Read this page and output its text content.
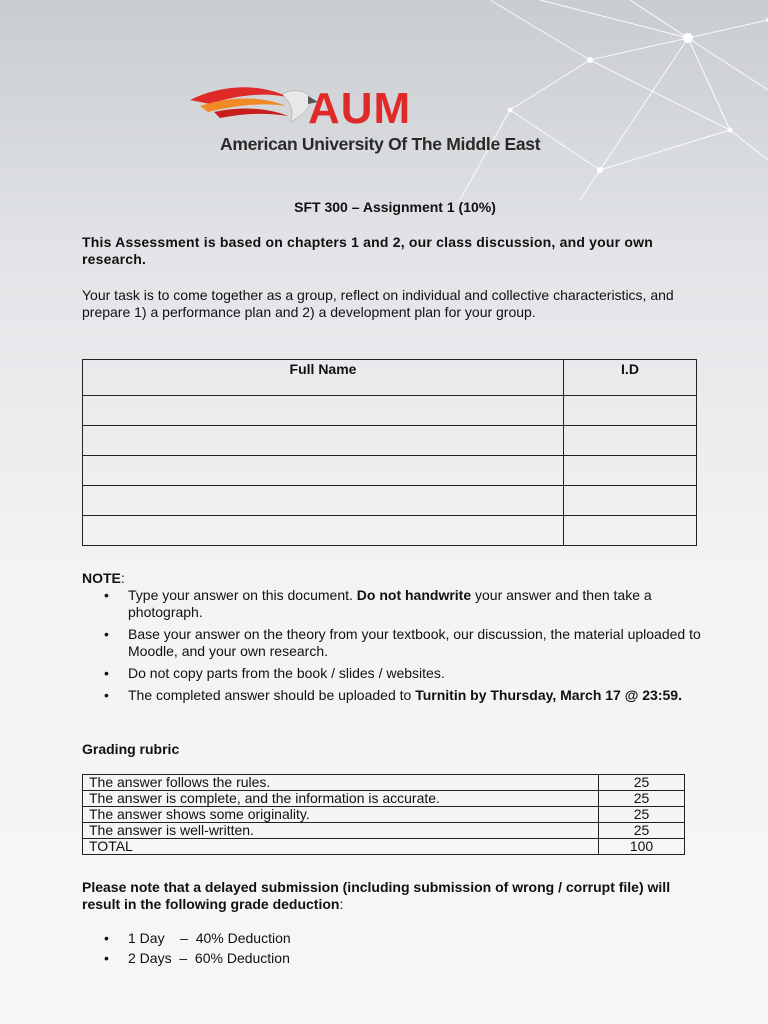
AUM
American University Of The Middle East
SFT 300 – Assignment 1 (10%)
This Assessment is based on chapters 1 and 2, our class discussion, and your own research.
Your task is to come together as a group, reflect on individual and collective characteristics, and prepare 1) a performance plan and 2) a development plan for your group.
Full Name	I.D

NOTE:
• Type your answer on this document. Do not handwrite your answer and then take a photograph.
• Base your answer on the theory from your textbook, our discussion, the material uploaded to Moodle, and your own research.
• Do not copy parts from the book / slides / websites.
• The completed answer should be uploaded to Turnitin by Thursday, March 17 @ 23:59.
Grading rubric
The answer follows the rules.	25
The answer is complete, and the information is accurate.	25
The answer shows some originality.	25
The answer is well-written.	25
TOTAL	100
Please note that a delayed submission (including submission of wrong / corrupt file) will result in the following grade deduction:
• 1 Day    –  40% Deduction
• 2 Days  –  60% Deduction
